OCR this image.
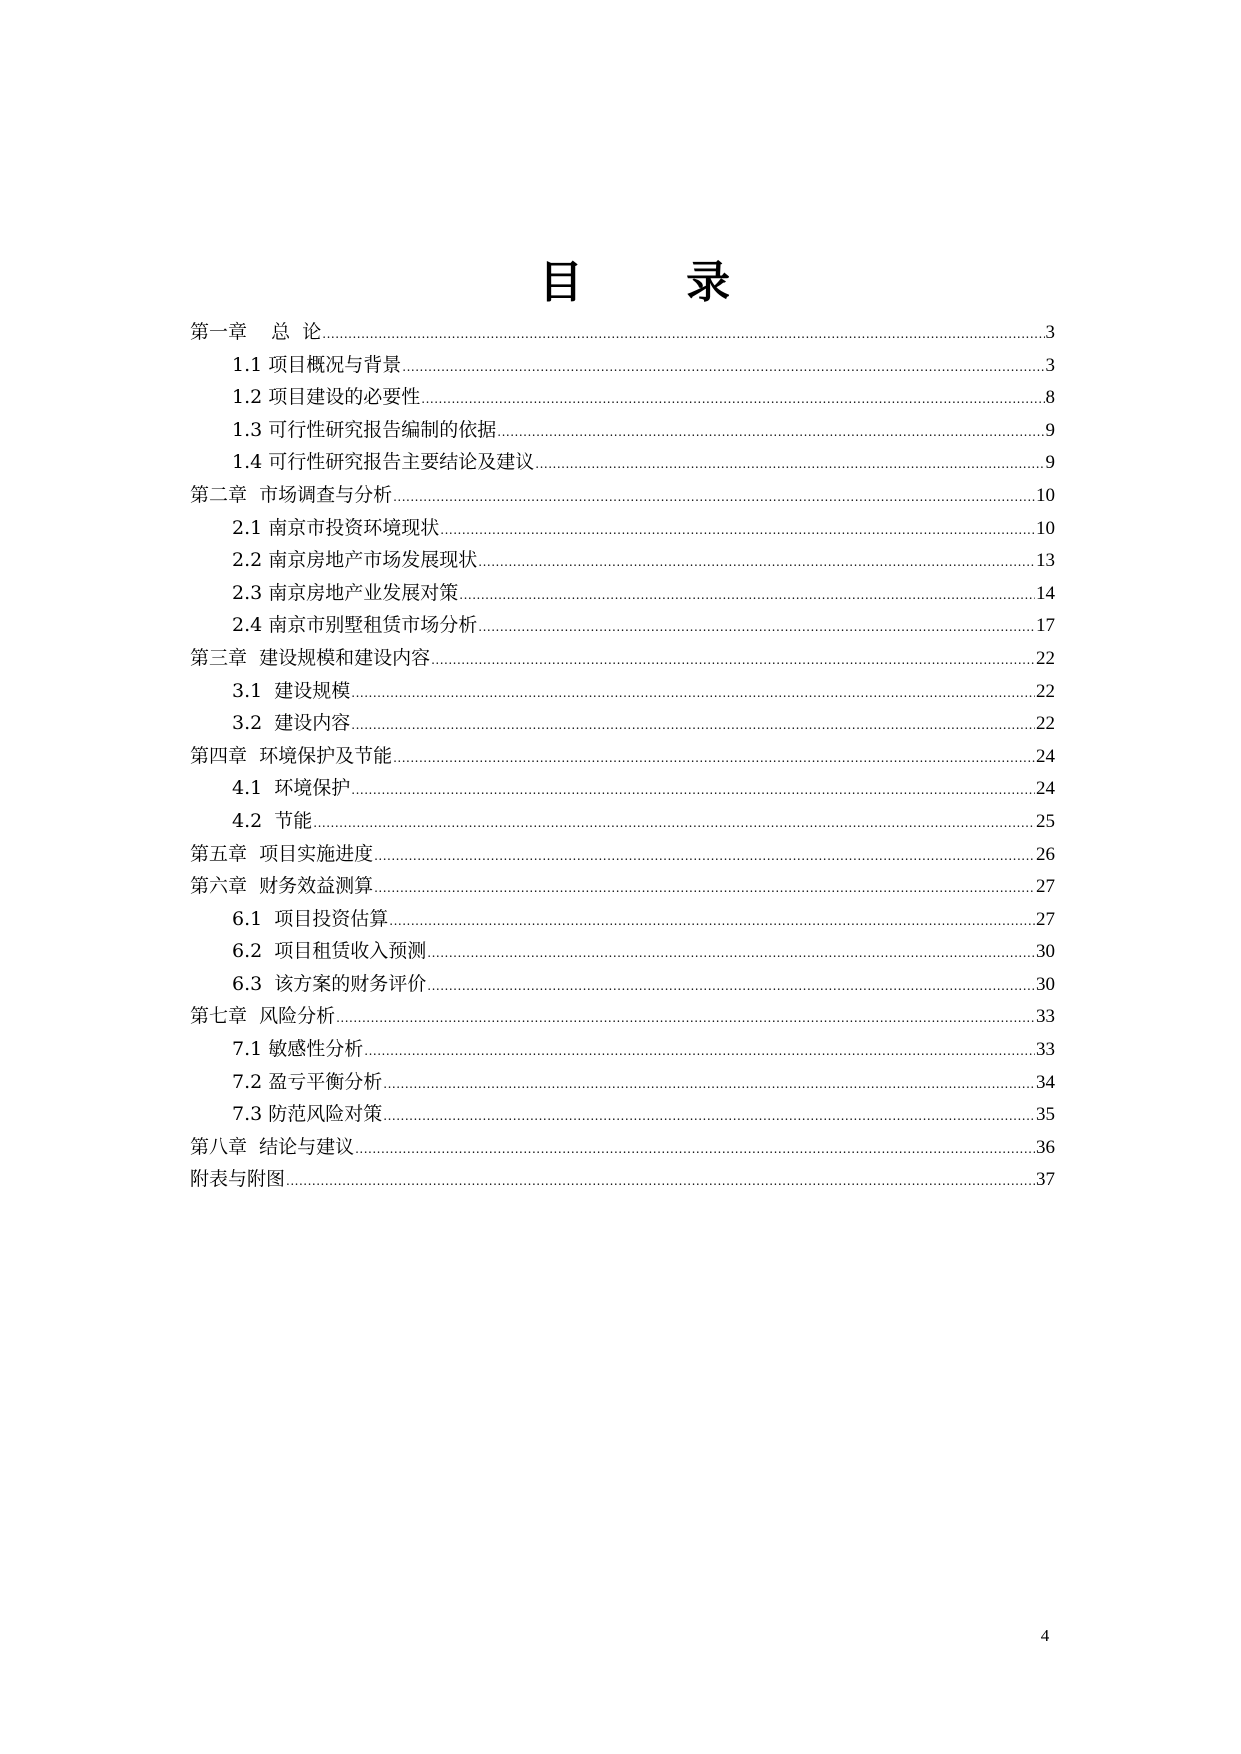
目 录
第一章    总  论 .....	3
1.1 项目概况与背景 .....	3
1.2 项目建设的必要性 .....	8
1.3 可行性研究报告编制的依据 .....	9
1.4 可行性研究报告主要结论及建议 .....	9
第二章  市场调查与分析 .....	10
2.1 南京市投资环境现状 .....	10
2.2 南京房地产市场发展现状 .....	13
2.3 南京房地产业发展对策 .....	14
2.4 南京市别墅租赁市场分析 .....	17
第三章  建设规模和建设内容 .....	22
3.1  建设规模 .....	22
3.2  建设内容 .....	22
第四章  环境保护及节能 .....	24
4.1  环境保护 .....	24
4.2  节能 .....	25
第五章  项目实施进度 .....	26
第六章  财务效益测算 .....	27
6.1  项目投资估算 .....	27
6.2  项目租赁收入预测 .....	30
6.3  该方案的财务评价 .....	30
第七章  风险分析 .....	33
7.1 敏感性分析 .....	33
7.2 盈亏平衡分析 .....	34
7.3 防范风险对策 .....	35
第八章  结论与建议 .....	36
附表与附图 .....	37
4
